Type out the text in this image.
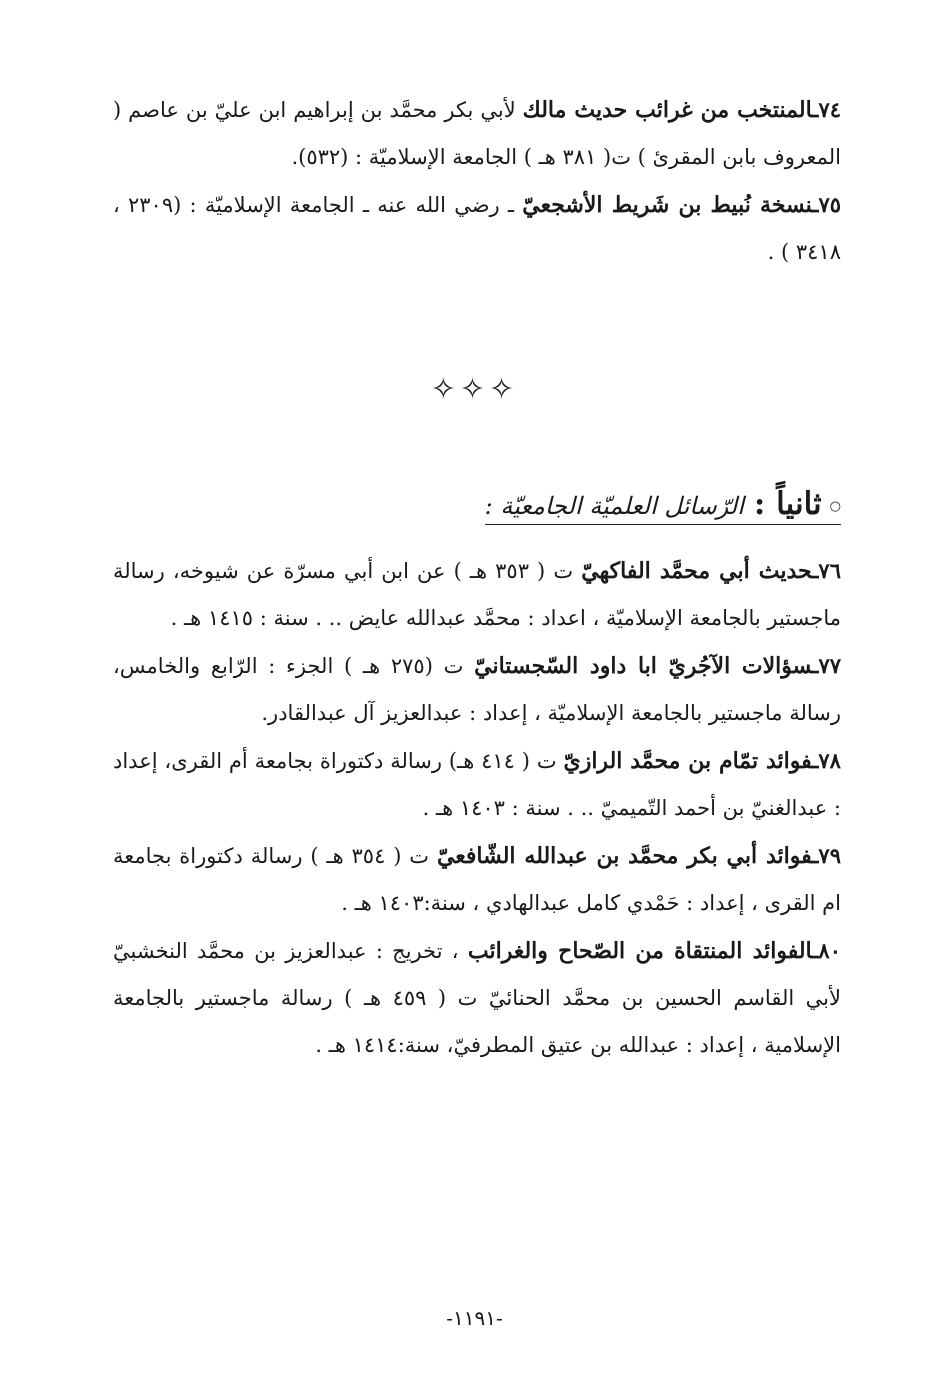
٧٤ـالمنتخب من غرائب حديث مالك لأبي بكر محمَّد بن إبراهيم ابن عليّ بن عاصم ( المعروف بابن المقرئ ) ت( ٣٨١ هـ ) الجامعة الإسلاميّة : (٥٣٢).

٧٥ـنسخة نُبيط بن شَريط الأشجعيّ ـ رضي الله عنه ـ الجامعة الإسلاميّة : (٢٣٠٩ ، ٣٤١٨ ) .

✧✧✧
○ثانياً :الرّسائل العلميّة الجامعيّة :

٧٦ـحديث أبي محمَّد الفاكهيّ ت ( ٣٥٣ هـ ) عن ابن أبي مسرّة عن شيوخه، رسالة ماجستير بالجامعة الإسلاميّة ، اعداد : محمَّد عبدالله عايض .. . سنة : ١٤١٥ هـ .

٧٧ـسؤالات الآجُريّ ابا داود السّجستانيّ ت (٢٧٥ هـ ) الجزء : الرّابع والخامس، رسالة ماجستير بالجامعة الإسلاميّة ، إعداد : عبدالعزيز آل عبدالقادر.

٧٨ـفوائد تمّام بن محمَّد الرازيّ ت ( ٤١٤ هـ) رسالة دكتوراة بجامعة أم القرى، إعداد : عبدالغنيّ بن أحمد التّميميّ .. . سنة : ١٤٠٣ هـ .

٧٩ـفوائد أبي بكر محمَّد بن عبدالله الشّافعيّ ت ( ٣٥٤ هـ ) رسالة دكتوراة بجامعة ام القرى ، إعداد : حَمْدي كامل عبدالهادي ، سنة:١٤٠٣ هـ .

٨٠ـالفوائد المنتقاة من الصّحاح والغرائب ، تخريج : عبدالعزيز بن محمَّد النخشبيّ لأبي القاسم الحسين بن محمَّد الحنائيّ ت ( ٤٥٩ هـ ) رسالة ماجستير بالجامعة الإسلامية ، إعداد : عبدالله بن عتيق المطرفيّ، سنة:١٤١٤ هـ .

-١١٩١-
